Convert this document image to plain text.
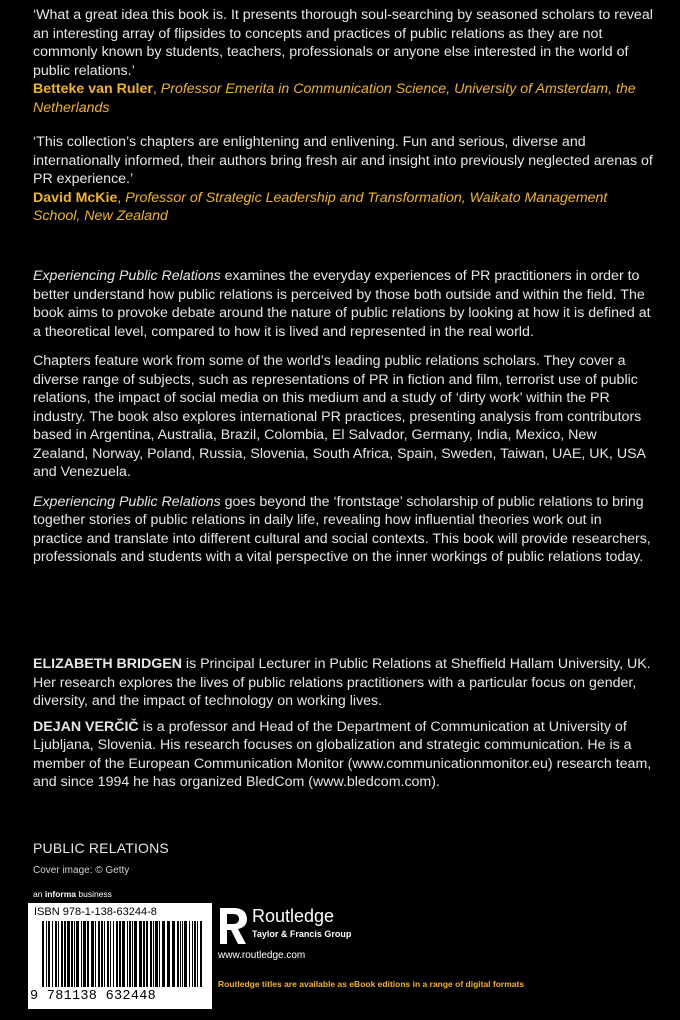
‘What a great idea this book is. It presents thorough soul-searching by seasoned scholars to reveal an interesting array of flipsides to concepts and practices of public relations as they are not commonly known by students, teachers, professionals or anyone else interested in the world of public relations.’
Betteke van Ruler, Professor Emerita in Communication Science, University of Amsterdam, the Netherlands
‘This collection’s chapters are enlightening and enlivening. Fun and serious, diverse and internationally informed, their authors bring fresh air and insight into previously neglected arenas of PR experience.’
David McKie, Professor of Strategic Leadership and Transformation, Waikato Management School, New Zealand

Experiencing Public Relations examines the everyday experiences of PR practitioners in order to better understand how public relations is perceived by those both outside and within the field. The book aims to provoke debate around the nature of public relations by looking at how it is defined at a theoretical level, compared to how it is lived and represented in the real world.

Chapters feature work from some of the world’s leading public relations scholars. They cover a diverse range of subjects, such as representations of PR in fiction and film, terrorist use of public relations, the impact of social media on this medium and a study of ‘dirty work’ within the PR industry. The book also explores international PR practices, presenting analysis from contributors based in Argentina, Australia, Brazil, Colombia, El Salvador, Germany, India, Mexico, New Zealand, Norway, Poland, Russia, Slovenia, South Africa, Spain, Sweden, Taiwan, UAE, UK, USA and Venezuela.

Experiencing Public Relations goes beyond the ‘frontstage’ scholarship of public relations to bring together stories of public relations in daily life, revealing how influential theories work out in practice and translate into different cultural and social contexts. This book will provide researchers, professionals and students with a vital perspective on the inner workings of public relations today.

ELIZABETH BRIDGEN is Principal Lecturer in Public Relations at Sheffield Hallam University, UK. Her research explores the lives of public relations practitioners with a particular focus on gender, diversity, and the impact of technology on working lives.

DEJAN VERČIČ is a professor and Head of the Department of Communication at University of Ljubljana, Slovenia. His research focuses on globalization and strategic communication. He is a member of the European Communication Monitor (www.communicationmonitor.eu) research team, and since 1994 he has organized BledCom (www.bledcom.com).

PUBLIC RELATIONS
Cover image: © Getty
an informa business
ISBN 978-1-138-63244-8
9 781138 632448
Routledge
Taylor & Francis Group
www.routledge.com
Routledge titles are available as eBook editions in a range of digital formats
